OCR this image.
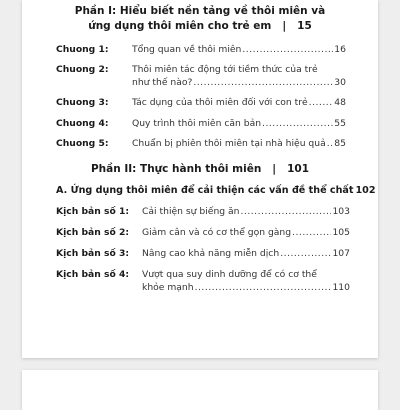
Phần I: Hiểu biết nền tảng về thôi miên và
ứng dụng thôi miên cho trẻ em | 15
Chuong 1:	Tổng quan về thôi miên .....	16
Chuong 2:	Thôi miên tác động tới tiềm thức của trẻ
như thế nào? .....	30
Chuong 3:	Tác dụng của thôi miên đối với con trẻ .....	48
Chuong 4:	Quy trình thôi miên căn bản .....	55
Chuong 5:	Chuẩn bị phiên thôi miên tại nhà hiệu quả ..... 85
Phần II: Thực hành thôi miên | 101
A. Ứng dụng thôi miên để cải thiện các vấn đề thể chất 102
Kịch bản số 1: Cải thiện sự biếng ăn .....	103
Kịch bản số 2: Giảm cân và có cơ thể gọn gàng .....	105
Kịch bản số 3: Nâng cao khả năng miễn dịch .....	107
Kịch bản số 4: Vượt qua suy dinh dưỡng để có cơ thể
khỏe mạnh .....	110
